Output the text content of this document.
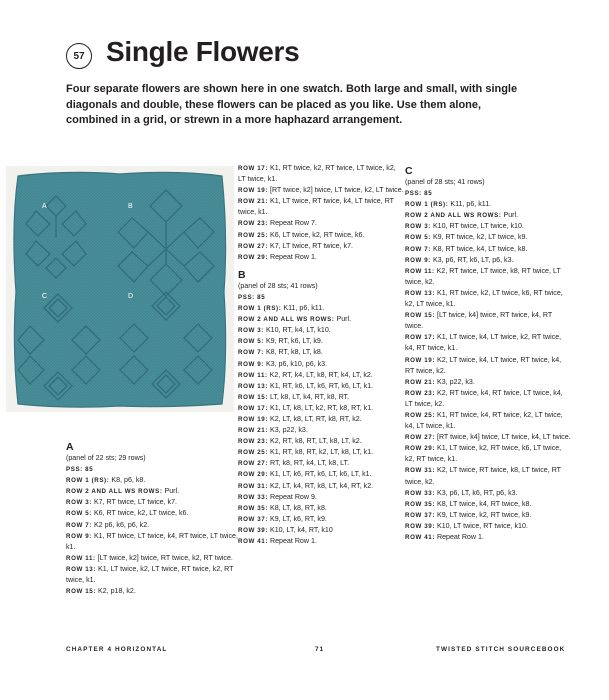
57 Single Flowers

Four separate flowers are shown here in one swatch. Both large and small, with single diagonals and double, these flowers can be placed as you like. Use them alone, combined in a grid, or strewn in a more haphazard arrangement.

A	B
C	D

A

(panel of 22 sts; 29 rows)

PSS: 85

ROW 1 (RS): K8, p6, k8.

ROW 2 AND ALL WS ROWS: Purl.

ROW 3: K7, RT twice, LT twice, k7.

ROW 5: K6, RT twice, k2, LT twice, k6.

ROW 7: K2 p6, k6, p6, k2.

ROW 9: K1, RT twice, LT twice, k4, RT twice, LT twice, k1.

ROW 11: [LT twice, k2] twice, RT twice, k2, RT twice.

ROW 13: K1, LT twice, k2, LT twice, RT twice, k2, RT twice, k1.

ROW 15: K2, p18, k2.

ROW 17: K1, RT twice, k2, RT twice, LT twice, k2, LT twice, k1.

ROW 19: [RT twice, k2] twice, LT twice, k2, LT twice.

ROW 21: K1, LT twice, RT twice, k4, LT twice, RT twice, k1.

ROW 23: Repeat Row 7.

ROW 25: K6, LT twice, k2, RT twice, k6.

ROW 27: K7, LT twice, RT twice, k7.

ROW 29: Repeat Row 1.

B

(panel of 28 sts; 41 rows)

PSS: 85

ROW 1 (RS): K11, p6, k11.

ROW 2 AND ALL WS ROWS: Purl.

ROW 3: K10, RT, k4, LT, k10.

ROW 5: K9, RT, k6, LT, k9.

ROW 7: K8, RT, k8, LT, k8.

ROW 9: K3, p6, k10, p6, k3.

ROW 11: K2, RT, k4, LT, k8, RT, k4, LT, k2.

ROW 13: K1, RT, k6, LT, k6, RT, k6, LT, k1.

ROW 15: LT, k8, LT, k4, RT, k8, RT.

ROW 17: K1, LT, k8, LT, k2, RT, k8, RT, k1.

ROW 19: K2, LT, k8, LT, RT, k8, RT, k2.

ROW 21: K3, p22, k3.

ROW 23: K2, RT, k8, RT, LT, k8, LT, k2.

ROW 25: K1, RT, k8, RT, k2, LT, k8, LT, k1.

ROW 27: RT, k8, RT, k4, LT, k8, LT.

ROW 29: K1, LT, k6, RT, k6, LT, k6, LT, k1.

ROW 31: K2, LT, k4, RT, k8, LT, k4, RT, k2.

ROW 33: Repeat Row 9.

ROW 35: K8, LT, k8, RT, k8.

ROW 37: K9, LT, k6, RT, k9.

ROW 39: K10, LT, k4, RT, k10

ROW 41: Repeat Row 1.

C

(panel of 28 sts; 41 rows)

PSS: 85

ROW 1 (RS): K11, p6, k11.

ROW 2 AND ALL WS ROWS: Purl.

ROW 3: K10, RT twice, LT twice, k10.

ROW 5: K9, RT twice, k2, LT twice, k9.

ROW 7: K8, RT twice, k4, LT twice, k8.

ROW 9: K3, p6, RT, k6, LT, p6, k3.

ROW 11: K2, RT twice, LT twice, k8, RT twice, LT twice, k2.

ROW 13: K1, RT twice, k2, LT twice, k6, RT twice, k2, LT twice, k1.

ROW 15: [LT twice, k4] twice, RT twice, k4, RT twice.

ROW 17: K1, LT twice, k4, LT twice, k2, RT twice, k4, RT twice, k1.

ROW 19: K2, LT twice, k4, LT twice, RT twice, k4, RT twice, k2.

ROW 21: K3, p22, k3.

ROW 23: K2, RT twice, k4, RT twice, LT twice, k4, LT twice, k2.

ROW 25: K1, RT twice, k4, RT twice, k2, LT twice, k4, LT twice, k1.

ROW 27: [RT twice, k4] twice, LT twice, k4, LT twice.

ROW 29: K1, LT twice, k2, RT twice, k6, LT twice, k2, RT twice, k1.

ROW 31: K2, LT twice, RT twice, k8, LT twice, RT twice, k2.

ROW 33: K3, p6, LT, k6, RT, p6, k3.

ROW 35: K8, LT twice, k4, RT twice, k8.

ROW 37: K9, LT twice, k2, RT twice, k9.

ROW 39: K10, LT twice, RT twice, k10.

ROW 41: Repeat Row 1.

CHAPTER 4 HORIZONTAL	71	TWISTED STITCH SOURCEBOOK
